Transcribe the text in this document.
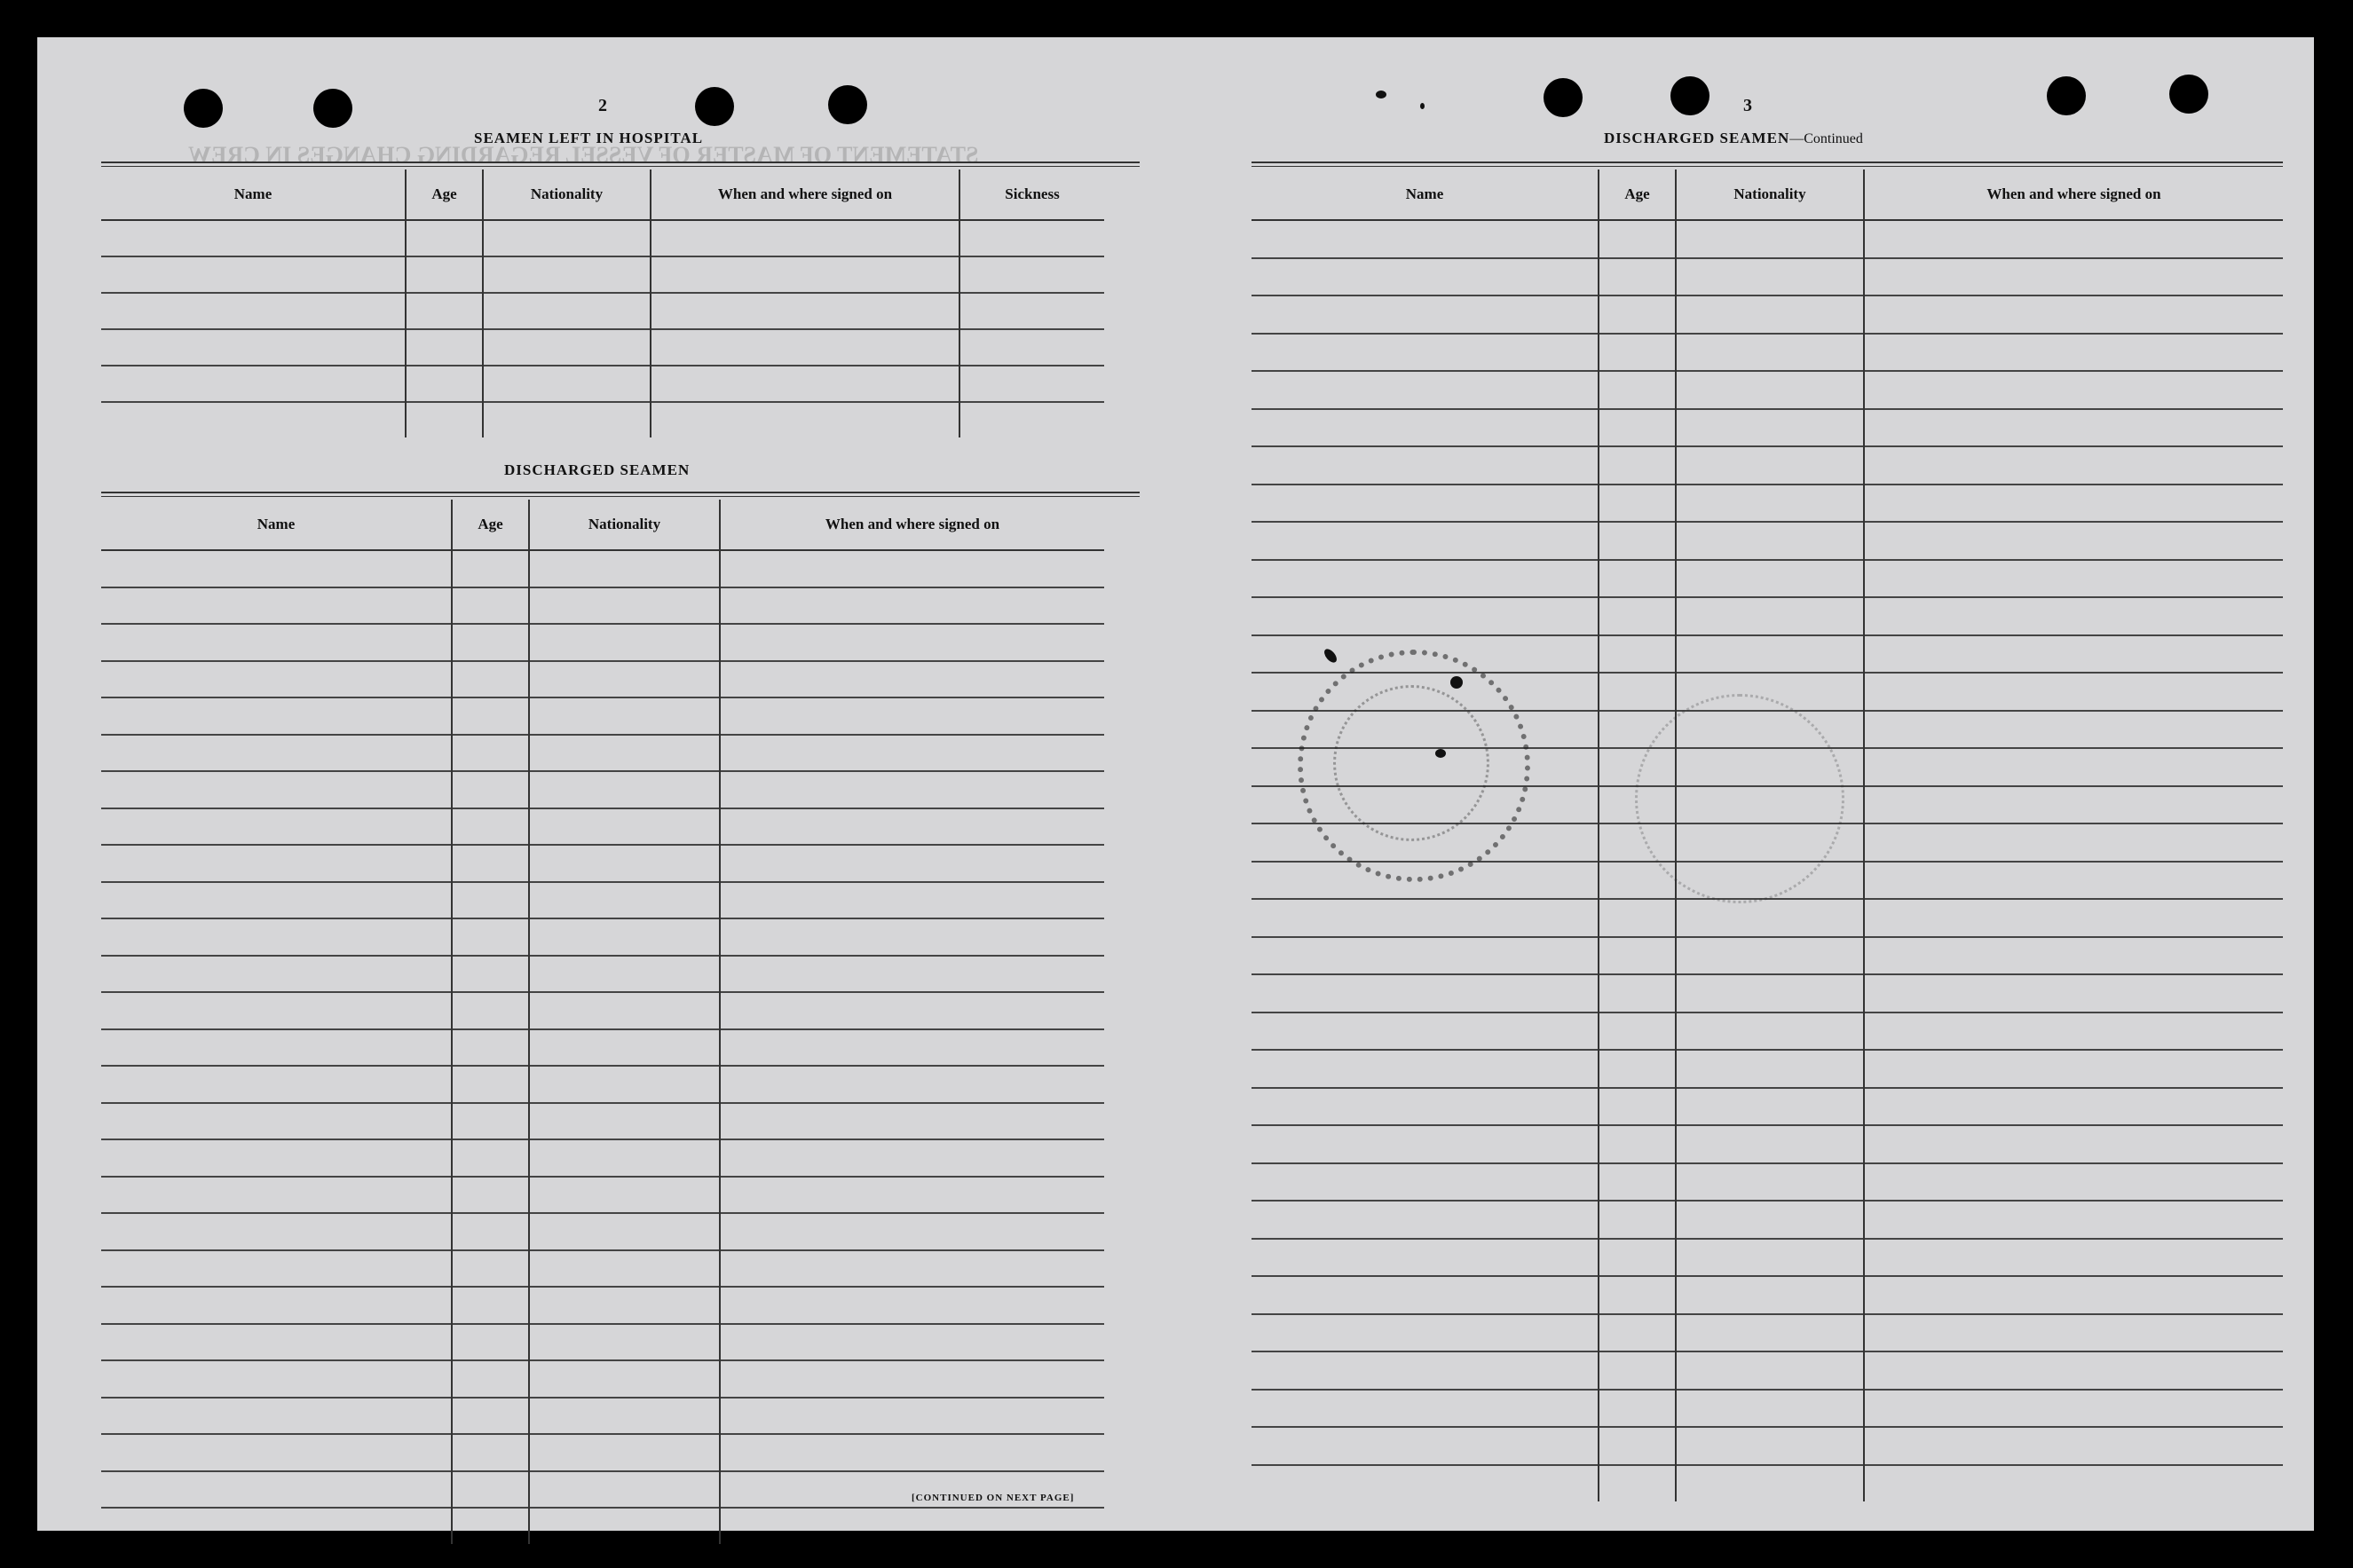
STATEMENT OF MASTER OF VESSEL REGARDING CHANGES IN CREW
2
SEAMEN LEFT IN HOSPITAL
Name	Age	Nationality	When and where signed on	Sickness

DISCHARGED SEAMEN
Name	Age	Nationality	When and where signed on

[CONTINUED ON NEXT PAGE]
3
DISCHARGED SEAMEN—Continued
Name	Age	Nationality	When and where signed on
